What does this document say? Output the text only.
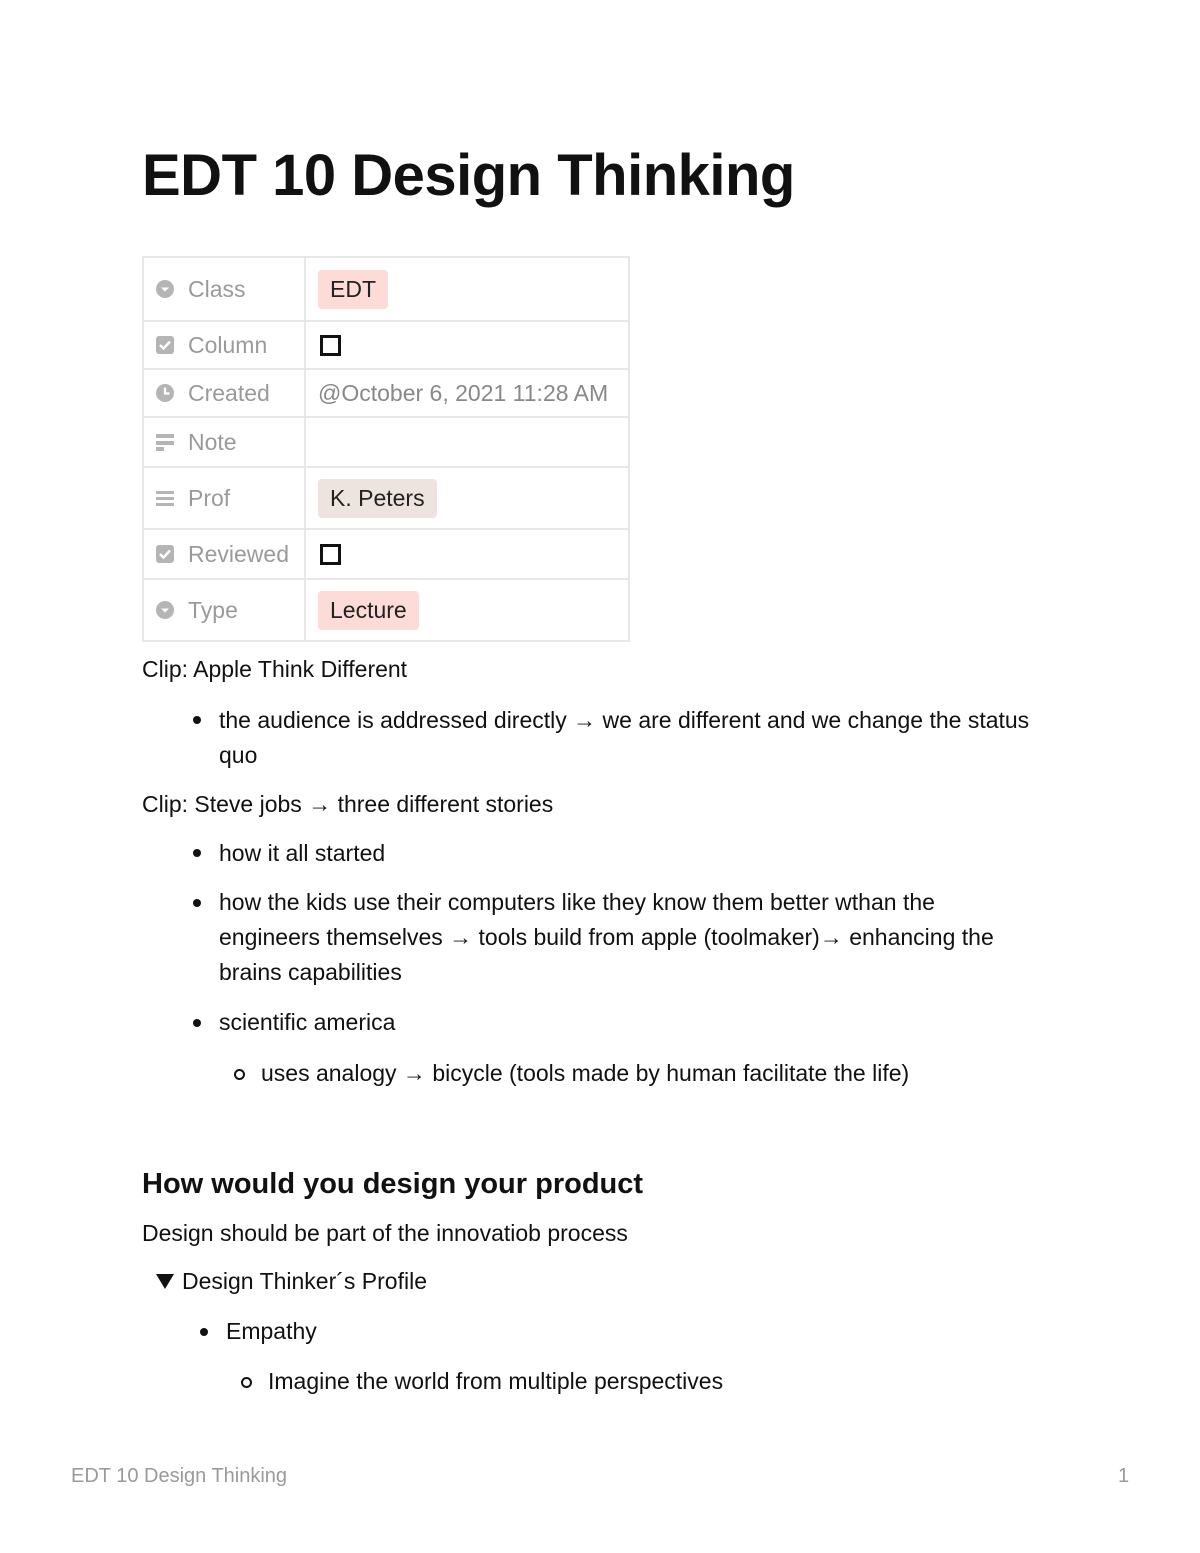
EDT 10 Design Thinking
Class	EDT

Column	

Created	@October 6, 2021 11:28 AM

Note	

Prof	K. Peters

Reviewed	

Type	Lecture

Clip: Apple Think Different

the audience is addressed directly → we are different and we change the status
quo

Clip: Steve jobs → three different stories

how it all started
how the kids use their computers like they know them better wthan the
engineers themselves → tools build from apple (toolmaker)→ enhancing the
brains capabilities
scientific america
uses analogy → bicycle (tools made by human facilitate the life)
How would you design your product

Design should be part of the innovatiob process

Design Thinker´s Profile
Empathy
Imagine the world from multiple perspectives
EDT 10 Design Thinking	1
